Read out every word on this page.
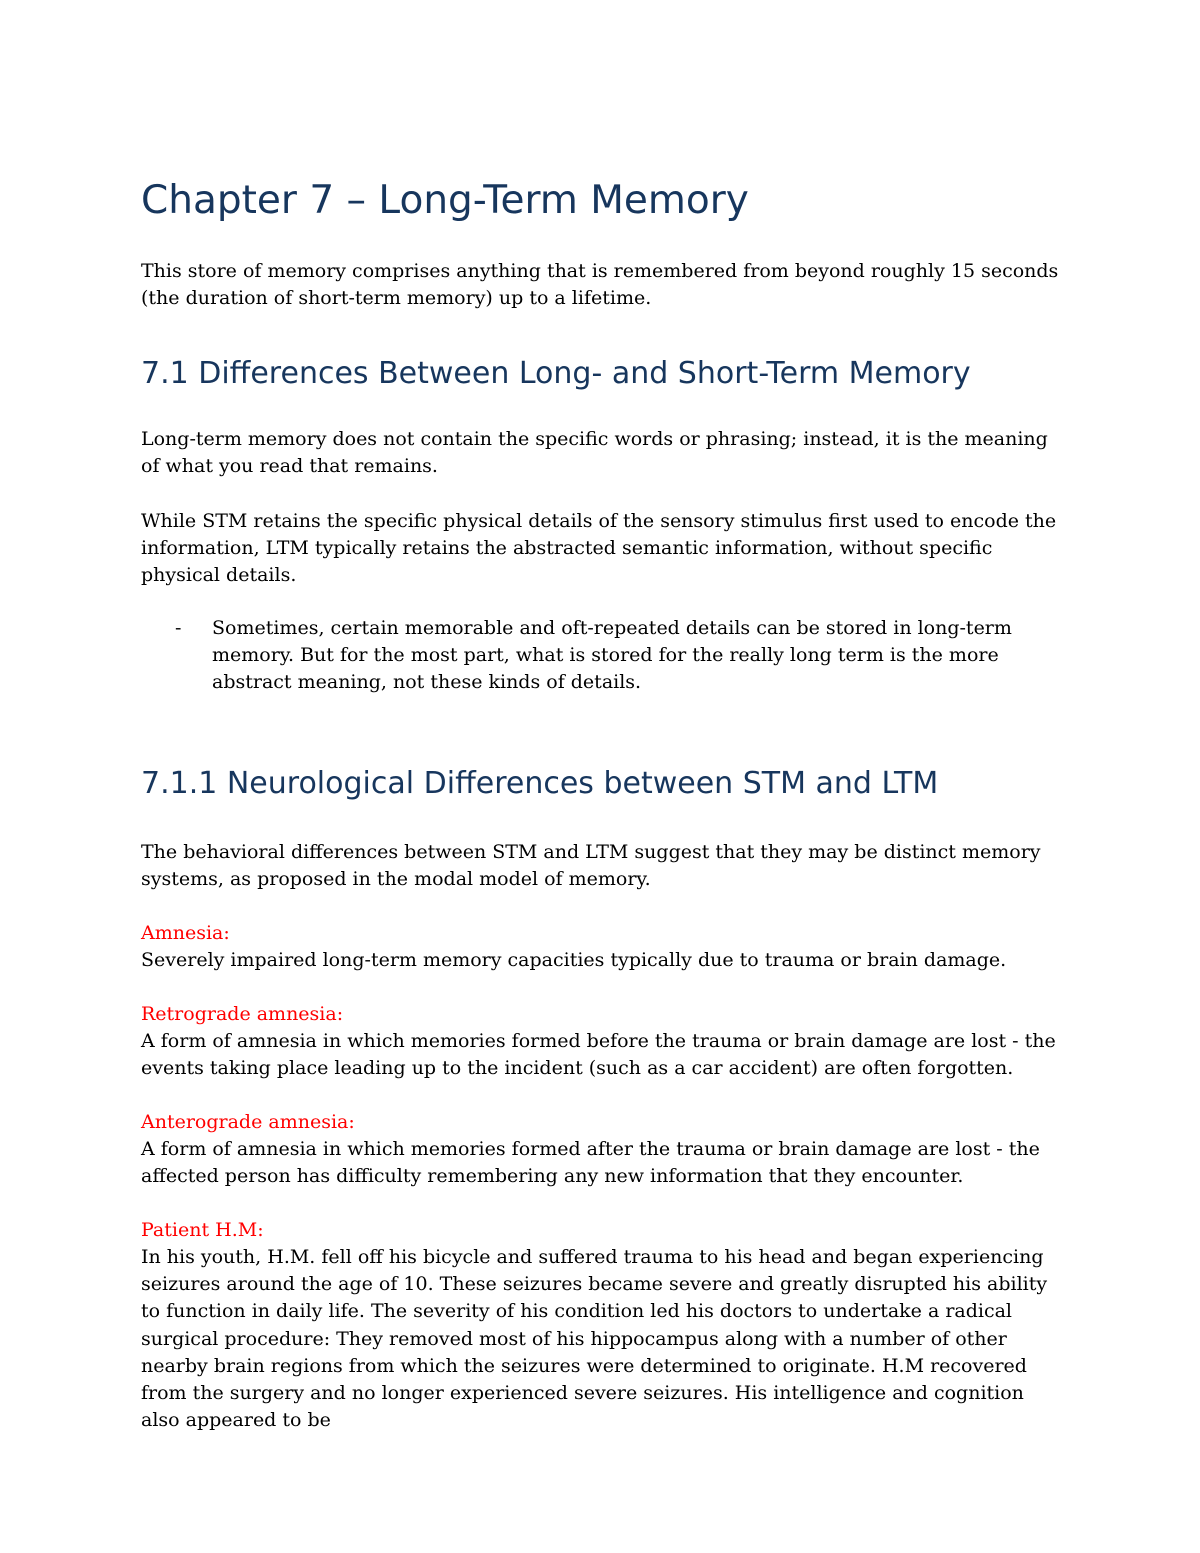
Chapter 7 – Long-Term Memory

This store of memory comprises anything that is remembered from beyond roughly 15 seconds (the duration of short-term memory) up to a lifetime.

7.1 Differences Between Long- and Short-Term Memory

Long-term memory does not contain the specific words or phrasing; instead, it is the meaning of what you read that remains.

While STM retains the specific physical details of the sensory stimulus first used to encode the information, LTM typically retains the abstracted semantic information, without specific physical details.

- Sometimes, certain memorable and oft-repeated details can be stored in long-term memory. But for the most part, what is stored for the really long term is the more abstract meaning, not these kinds of details.

7.1.1 Neurological Differences between STM and LTM

The behavioral differences between STM and LTM suggest that they may be distinct memory systems, as proposed in the modal model of memory.

Amnesia:

Severely impaired long-term memory capacities typically due to trauma or brain damage.

Retrograde amnesia:

A form of amnesia in which memories formed before the trauma or brain damage are lost - the events taking place leading up to the incident (such as a car accident) are often forgotten.

Anterograde amnesia:

A form of amnesia in which memories formed after the trauma or brain damage are lost - the affected person has difficulty remembering any new information that they encounter.

Patient H.M:

In his youth, H.M. fell off his bicycle and suffered trauma to his head and began experiencing seizures around the age of 10. These seizures became severe and greatly disrupted his ability to function in daily life. The severity of his condition led his doctors to undertake a radical surgical procedure: They removed most of his hippocampus along with a number of other nearby brain regions from which the seizures were determined to originate. H.M recovered from the surgery and no longer experienced severe seizures. His intelligence and cognition also appeared to be
